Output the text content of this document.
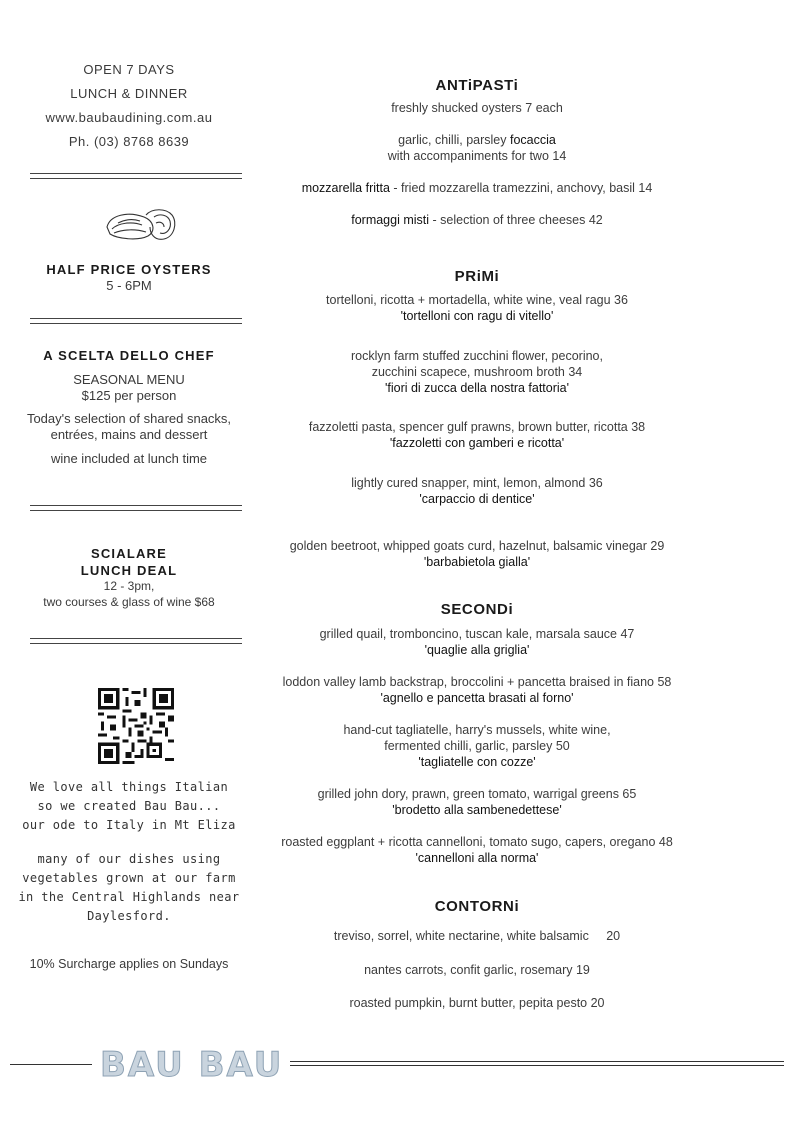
OPEN 7 DAYS
LUNCH & DINNER
www.baubaudining.com.au
Ph. (03) 8768 8639
HALF PRICE OYSTERS
5 - 6PM
A SCELTA DELLO CHEF
SEASONAL MENU
$125 per person
Today's selection of shared snacks,
entrées, mains and dessert
wine included at lunch time
SCIALARE
LUNCH DEAL
12 - 3pm,
two courses & glass of wine $68
We love all things Italian
so we created Bau Bau...
our ode to Italy in Mt Eliza
many of our dishes using
vegetables grown at our farm
in the Central Highlands near
Daylesford.
10% Surcharge applies on Sundays
BAU BAU
ANTiPASTi
freshly shucked oysters 7 each
garlic, chilli, parsley focaccia
with accompaniments for two 14
mozzarella fritta - fried mozzarella tramezzini, anchovy, basil 14
formaggi misti - selection of three cheeses 42
PRiMi
tortelloni, ricotta + mortadella, white wine, veal ragu 36
'tortelloni con ragu di vitello'
rocklyn farm stuffed zucchini flower, pecorino,
zucchini scapece, mushroom broth 34
'fiori di zucca della nostra fattoria'
fazzoletti pasta, spencer gulf prawns, brown butter, ricotta 38
'fazzoletti con gamberi e ricotta'
lightly cured snapper, mint, lemon, almond 36
'carpaccio di dentice'
golden beetroot, whipped goats curd, hazelnut, balsamic vinegar 29
'barbabietola gialla'
SECONDi
grilled quail, tromboncino, tuscan kale, marsala sauce 47
'quaglie alla griglia'
loddon valley lamb backstrap, broccolini + pancetta braised in fiano 58
'agnello e pancetta brasati al forno'
hand-cut tagliatelle, harry's mussels, white wine,
fermented chilli, garlic, parsley 50
'tagliatelle con cozze'
grilled john dory, prawn, green tomato, warrigal greens 65
'brodetto alla sambenedettese'
roasted eggplant + ricotta cannelloni, tomato sugo, capers, oregano 48
'cannelloni alla norma'
CONTORNi
treviso, sorrel, white nectarine, white balsamic     20
nantes carrots, confit garlic, rosemary 19
roasted pumpkin, burnt butter, pepita pesto 20
